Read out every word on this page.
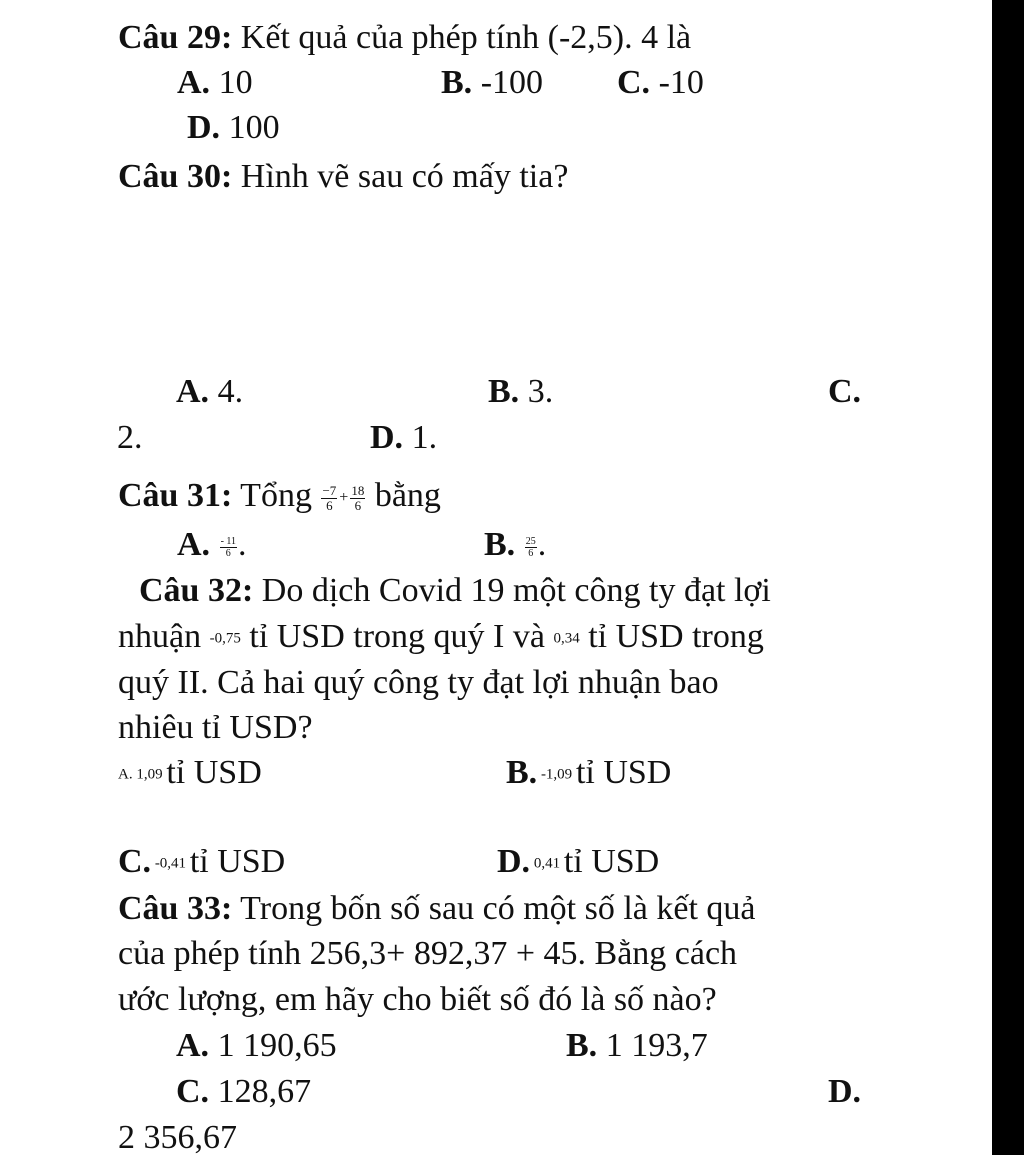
Câu 29: Kết quả của phép tính (-2,5). 4 là
A. 10	B. -100 C. -10
D. 100
Câu 30: Hình vẽ sau có mấy tia?
A. 4.	B. 3.	C.
2.	D. 1.
Câu 31: Tổng $\frac{-7}{6} + \frac{18}{6}$ bằng
A. $\frac{- 11}{6}$ .	B. $\frac{25}{6}$ .
Câu 32: Do dịch Covid 19 một công ty đạt lợi
nhuận -0,75 tỉ USD trong quý I và 0,34 tỉ USD trong
quý II. Cả hai quý công ty đạt lợi nhuận bao
nhiêu tỉ USD?
A. 1,09 tỉ USD	B. -1,09 tỉ USD
C. -0,41 tỉ USD	D. 0,41 tỉ USD
Câu 33: Trong bốn số sau có một số là kết quả
của phép tính 256,3+ 892,37 + 45. Bằng cách
ước lượng, em hãy cho biết số đó là số nào?
A. 1 190,65	B. 1 193,7
C. 128,67	D.
2 356,67
